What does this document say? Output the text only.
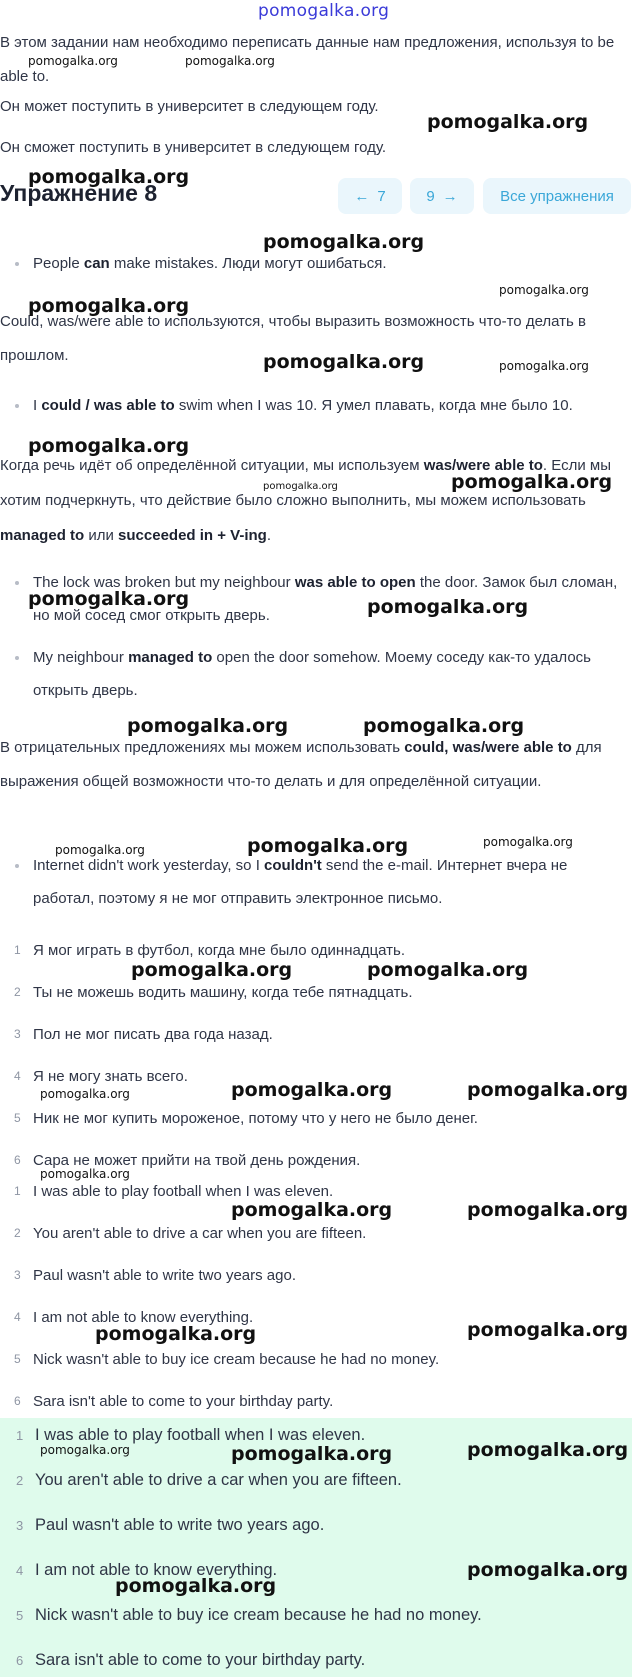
pomogalka.org
В этом задании нам необходимо переписать данные нам предложения, используя to be able to.
Он может поступить в университет в следующем году.
Он сможет поступить в университет в следующем году.
Упражнение 8	← 7	9 →	Все упражнения
People can make mistakes. Люди могут ошибаться.
Could, was/were able to используются, чтобы выразить возможность что-то делать в прошлом.
I could / was able to swim when I was 10. Я умел плавать, когда мне было 10.
Когда речь идёт об определённой ситуации, мы используем was/were able to. Если мы хотим подчеркнуть, что действие было сложно выполнить, мы можем использовать managed to или succeeded in + V-ing.
The lock was broken but my neighbour was able to open the door. Замок был сломан, но мой сосед смог открыть дверь.
My neighbour managed to open the door somehow. Моему соседу как-то удалось открыть дверь.
В отрицательных предложениях мы можем использовать could, was/were able to для выражения общей возможности что-то делать и для определённой ситуации.
Internet didn't work yesterday, so I couldn't send the e-mail. Интернет вчера не работал, поэтому я не мог отправить электронное письмо.
1 Я мог играть в футбол, когда мне было одиннадцать.
2 Ты не можешь водить машину, когда тебе пятнадцать.
3 Пол не мог писать два года назад.
4 Я не могу знать всего.
5 Ник не мог купить мороженое, потому что у него не было денег.
6 Сара не может прийти на твой день рождения.
1 I was able to play football when I was eleven.
2 You aren't able to drive a car when you are fifteen.
3 Paul wasn't able to write two years ago.
4 I am not able to know everything.
5 Nick wasn't able to buy ice cream because he had no money.
6 Sara isn't able to come to your birthday party.
1 I was able to play football when I was eleven.
2 You aren't able to drive a car when you are fifteen.
3 Paul wasn't able to write two years ago.
4 I am not able to know everything.
5 Nick wasn't able to buy ice cream because he had no money.
6 Sara isn't able to come to your birthday party.
pomogalka.org	pomogalka.org
pomogalka.org
pomogalka.org
pomogalka.org
pomogalka.org
pomogalka.org
pomogalka.org	pomogalka.org
pomogalka.org
pomogalka.org
pomogalka.org
pomogalka.org	pomogalka.org
pomogalka.org	pomogalka.org
pomogalka.org	pomogalka.org	pomogalka.org
pomogalka.org	pomogalka.org
pomogalka.org	pomogalka.org	pomogalka.org
pomogalka.org
pomogalka.org	pomogalka.org
pomogalka.org	pomogalka.org
pomogalka.org	pomogalka.org	pomogalka.org
pomogalka.org
pomogalka.org
